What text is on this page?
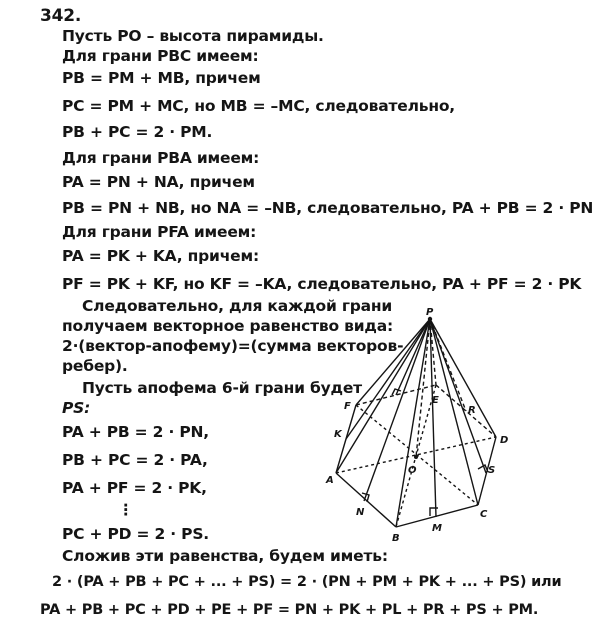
342.
Пусть PO – высота пирамиды.
Для грани PBC имеем:
PB = PM + MB, причем
PC = PM + MC, но MB = –MC, следовательно,
PB + PC = 2 · PM.
Для грани PBA имеем:
PA = PN + NA, причем
PB = PN + NB, но NA = –NB, следовательно, PA + PB = 2 · PN
Для грани PFA имеем:
PA = PK + KA, причем:
PF = PK + KF, но KF = –KA, следовательно, PA + PF = 2 · PK
Следовательно, для каждой грани
получаем векторное равенство вида:
2·(вектор-апофему)=(сумма векторов-
ребер).
Пусть апофема 6-й грани будет
PS:
PA + PB = 2 · PN,
PB + PC = 2 · PA,
PA + PF = 2 · PK,
⋮
PC + PD = 2 · PS.
Сложив эти равенства, будем иметь:
2 · (PA + PB + PC + ... + PS) = 2 · (PN + PM + PK + ... + PS) или
PA + PB + PC + PD + PE + PF = PN + PK + PL + PR + PS + PM.
P
F
E
R
K
D
O	S
A
N
M
C
B
